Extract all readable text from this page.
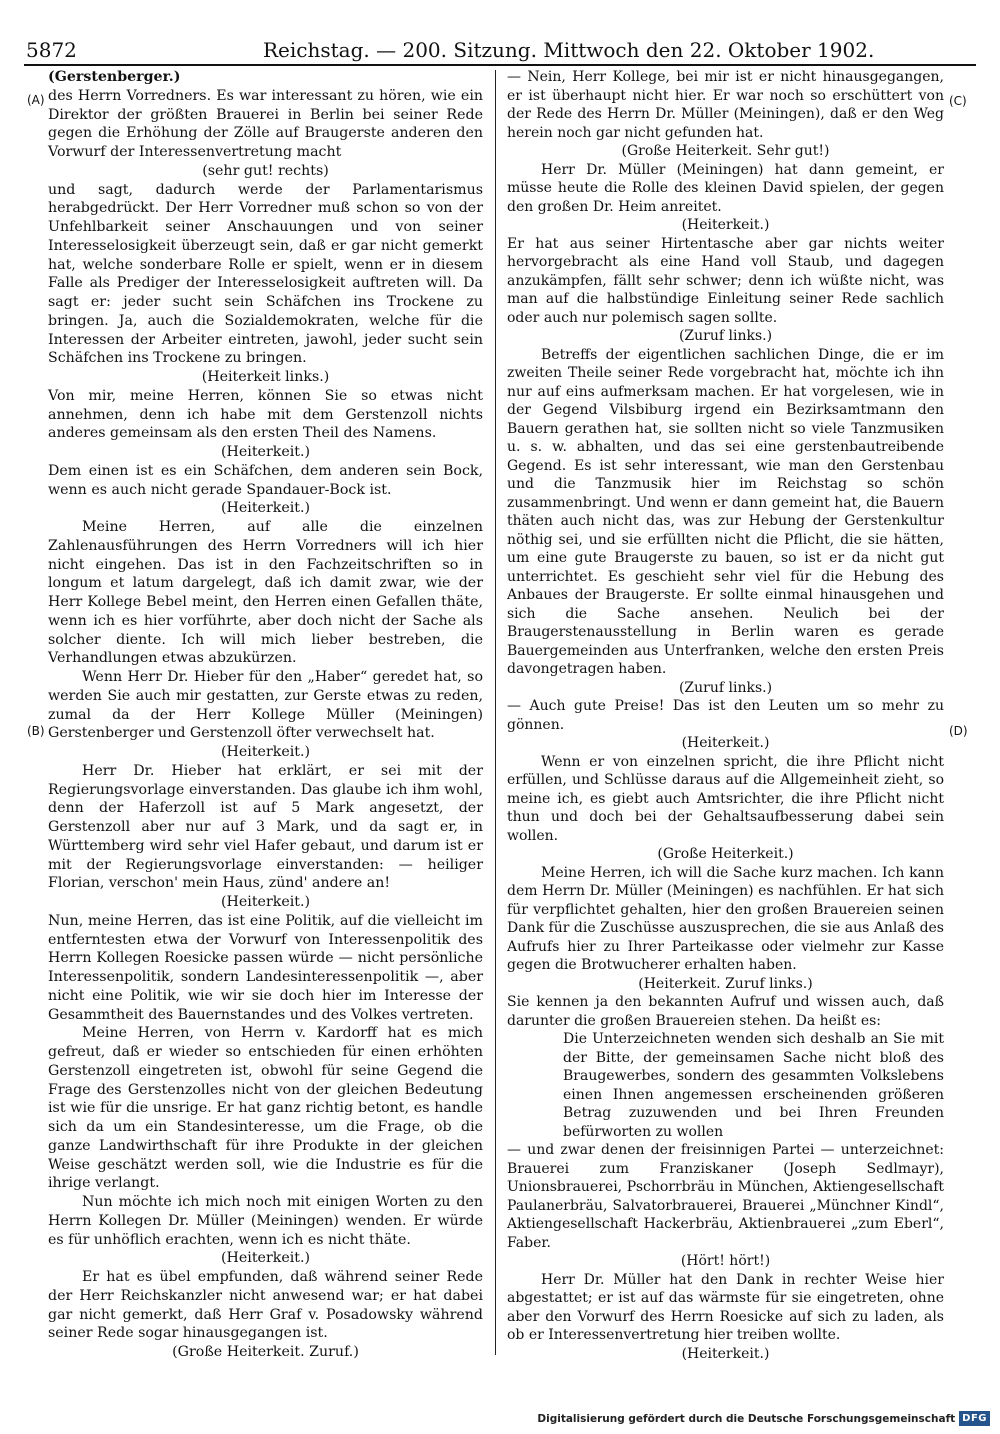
5872	Reichstag. — 200. Sitzung. Mittwoch den 22. Oktober 1902.
(A)
(B)
(C)
(D)

(Gerstenberger.)

des Herrn Vorredners. Es war interessant zu hören, wie ein Direktor der größten Brauerei in Berlin bei seiner Rede gegen die Erhöhung der Zölle auf Braugerste anderen den Vorwurf der Interessenvertretung macht

(sehr gut! rechts)

und sagt, dadurch werde der Parlamentarismus herabgedrückt. Der Herr Vorredner muß schon so von der Unfehlbarkeit seiner Anschauungen und von seiner Interesselosigkeit überzeugt sein, daß er gar nicht gemerkt hat, welche sonderbare Rolle er spielt, wenn er in diesem Falle als Prediger der Interesselosigkeit auftreten will. Da sagt er: jeder sucht sein Schäfchen ins Trockene zu bringen. Ja, auch die Sozialdemokraten, welche für die Interessen der Arbeiter eintreten, jawohl, jeder sucht sein Schäfchen ins Trockene zu bringen.

(Heiterkeit links.)

Von mir, meine Herren, können Sie so etwas nicht annehmen, denn ich habe mit dem Gerstenzoll nichts anderes gemeinsam als den ersten Theil des Namens.

(Heiterkeit.)

Dem einen ist es ein Schäfchen, dem anderen sein Bock, wenn es auch nicht gerade Spandauer-Bock ist.

(Heiterkeit.)

Meine Herren, auf alle die einzelnen Zahlenausführungen des Herrn Vorredners will ich hier nicht eingehen. Das ist in den Fachzeitschriften so in longum et latum dargelegt, daß ich damit zwar, wie der Herr Kollege Bebel meint, den Herren einen Gefallen thäte, wenn ich es hier vorführte, aber doch nicht der Sache als solcher diente. Ich will mich lieber bestreben, die Verhandlungen etwas abzukürzen.

Wenn Herr Dr. Hieber für den „Haber“ geredet hat, so werden Sie auch mir gestatten, zur Gerste etwas zu reden, zumal da der Herr Kollege Müller (Meiningen) Gerstenberger und Gerstenzoll öfter verwechselt hat.

(Heiterkeit.)

Herr Dr. Hieber hat erklärt, er sei mit der Regierungsvorlage einverstanden. Das glaube ich ihm wohl, denn der Haferzoll ist auf 5 Mark angesetzt, der Gerstenzoll aber nur auf 3 Mark, und da sagt er, in Württemberg wird sehr viel Hafer gebaut, und darum ist er mit der Regierungsvorlage einverstanden: — heiliger Florian, verschon' mein Haus, zünd' andere an!

(Heiterkeit.)

Nun, meine Herren, das ist eine Politik, auf die vielleicht im entferntesten etwa der Vorwurf von Interessenpolitik des Herrn Kollegen Roesicke passen würde — nicht persönliche Interessenpolitik, sondern Landesinteressenpolitik —, aber nicht eine Politik, wie wir sie doch hier im Interesse der Gesammtheit des Bauernstandes und des Volkes vertreten.

Meine Herren, von Herrn v. Kardorff hat es mich gefreut, daß er wieder so entschieden für einen erhöhten Gerstenzoll eingetreten ist, obwohl für seine Gegend die Frage des Gerstenzolles nicht von der gleichen Bedeutung ist wie für die unsrige. Er hat ganz richtig betont, es handle sich da um ein Standesinteresse, um die Frage, ob die ganze Landwirthschaft für ihre Produkte in der gleichen Weise geschätzt werden soll, wie die Industrie es für die ihrige verlangt.

Nun möchte ich mich noch mit einigen Worten zu den Herrn Kollegen Dr. Müller (Meiningen) wenden. Er würde es für unhöflich erachten, wenn ich es nicht thäte.

(Heiterkeit.)

Er hat es übel empfunden, daß während seiner Rede der Herr Reichskanzler nicht anwesend war; er hat dabei gar nicht gemerkt, daß Herr Graf v. Posadowsky während seiner Rede sogar hinausgegangen ist.

(Große Heiterkeit. Zuruf.)

— Nein, Herr Kollege, bei mir ist er nicht hinausgegangen, er ist überhaupt nicht hier. Er war noch so erschüttert von der Rede des Herrn Dr. Müller (Meiningen), daß er den Weg herein noch gar nicht gefunden hat.

(Große Heiterkeit. Sehr gut!)

Herr Dr. Müller (Meiningen) hat dann gemeint, er müsse heute die Rolle des kleinen David spielen, der gegen den großen Dr. Heim anreitet.

(Heiterkeit.)

Er hat aus seiner Hirtentasche aber gar nichts weiter hervorgebracht als eine Hand voll Staub, und dagegen anzukämpfen, fällt sehr schwer; denn ich wüßte nicht, was man auf die halbstündige Einleitung seiner Rede sachlich oder auch nur polemisch sagen sollte.

(Zuruf links.)

Betreffs der eigentlichen sachlichen Dinge, die er im zweiten Theile seiner Rede vorgebracht hat, möchte ich ihn nur auf eins aufmerksam machen. Er hat vorgelesen, wie in der Gegend Vilsbiburg irgend ein Bezirksamtmann den Bauern gerathen hat, sie sollten nicht so viele Tanzmusiken u. s. w. abhalten, und das sei eine gerstenbautreibende Gegend. Es ist sehr interessant, wie man den Gerstenbau und die Tanzmusik hier im Reichstag so schön zusammenbringt. Und wenn er dann gemeint hat, die Bauern thäten auch nicht das, was zur Hebung der Gerstenkultur nöthig sei, und sie erfüllten nicht die Pflicht, die sie hätten, um eine gute Braugerste zu bauen, so ist er da nicht gut unterrichtet. Es geschieht sehr viel für die Hebung des Anbaues der Braugerste. Er sollte einmal hinausgehen und sich die Sache ansehen. Neulich bei der Braugerstenausstellung in Berlin waren es gerade Bauergemeinden aus Unterfranken, welche den ersten Preis davongetragen haben.

(Zuruf links.)

— Auch gute Preise! Das ist den Leuten um so mehr zu gönnen.

(Heiterkeit.)

Wenn er von einzelnen spricht, die ihre Pflicht nicht erfüllen, und Schlüsse daraus auf die Allgemeinheit zieht, so meine ich, es giebt auch Amtsrichter, die ihre Pflicht nicht thun und doch bei der Gehaltsaufbesserung dabei sein wollen.

(Große Heiterkeit.)

Meine Herren, ich will die Sache kurz machen. Ich kann dem Herrn Dr. Müller (Meiningen) es nachfühlen. Er hat sich für verpflichtet gehalten, hier den großen Brauereien seinen Dank für die Zuschüsse auszusprechen, die sie aus Anlaß des Aufrufs hier zu Ihrer Parteikasse oder vielmehr zur Kasse gegen die Brotwucherer erhalten haben.

(Heiterkeit. Zuruf links.)

Sie kennen ja den bekannten Aufruf und wissen auch, daß darunter die großen Brauereien stehen. Da heißt es:

Die Unterzeichneten wenden sich deshalb an Sie mit der Bitte, der gemeinsamen Sache nicht bloß des Braugewerbes, sondern des gesammten Volkslebens einen Ihnen angemessen erscheinenden größeren Betrag zuzuwenden und bei Ihren Freunden befürworten zu wollen

— und zwar denen der freisinnigen Partei — unterzeichnet: Brauerei zum Franziskaner (Joseph Sedlmayr), Unionsbrauerei, Pschorrbräu in München, Aktiengesellschaft Paulanerbräu, Salvatorbrauerei, Brauerei „Münchner Kindl“, Aktiengesellschaft Hackerbräu, Aktienbrauerei „zum Eberl“, Faber.

(Hört! hört!)

Herr Dr. Müller hat den Dank in rechter Weise hier abgestattet; er ist auf das wärmste für sie eingetreten, ohne aber den Vorwurf des Herrn Roesicke auf sich zu laden, als ob er Interessenvertretung hier treiben wollte.

(Heiterkeit.)

Digitalisierung gefördert durch die Deutsche Forschungsgemeinschaft DFG
